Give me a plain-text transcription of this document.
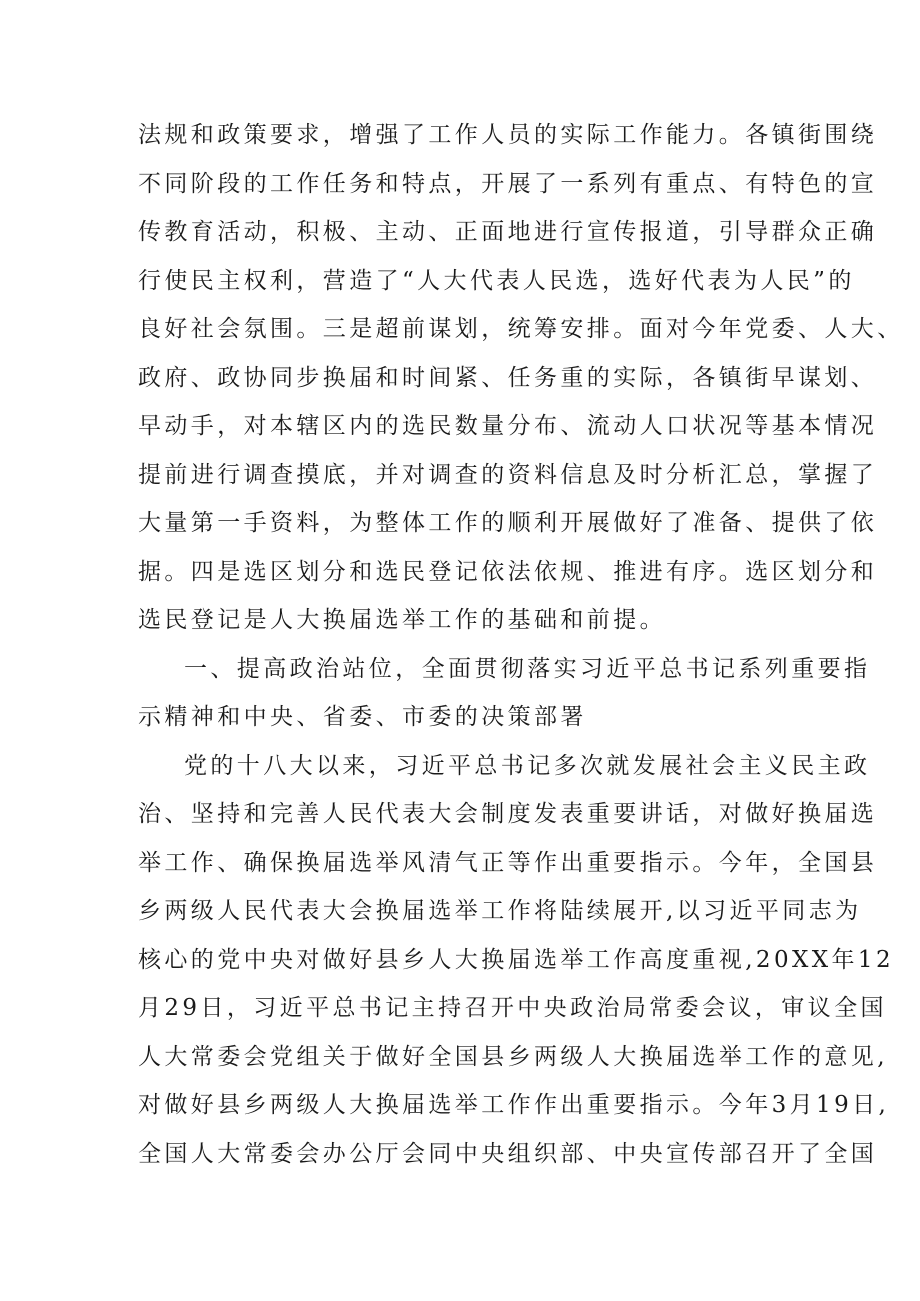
法规和政策要求，增强了工作人员的实际工作能力。各镇街围绕
不同阶段的工作任务和特点，开展了一系列有重点、有特色的宣
传教育活动，积极、主动、正面地进行宣传报道，引导群众正确
行使民主权利，营造了“人大代表人民选，选好代表为人民”的
良好社会氛围。三是超前谋划，统筹安排。面对今年党委、人大、
政府、政协同步换届和时间紧、任务重的实际，各镇街早谋划、
早动手，对本辖区内的选民数量分布、流动人口状况等基本情况
提前进行调查摸底，并对调查的资料信息及时分析汇总，掌握了
大量第一手资料，为整体工作的顺利开展做好了准备、提供了依
据。四是选区划分和选民登记依法依规、推进有序。选区划分和
选民登记是人大换届选举工作的基础和前提。
一、提高政治站位，全面贯彻落实习近平总书记系列重要指
示精神和中央、省委、市委的决策部署
党的十八大以来，习近平总书记多次就发展社会主义民主政
治、坚持和完善人民代表大会制度发表重要讲话，对做好换届选
举工作、确保换届选举风清气正等作出重要指示。今年，全国县
乡两级人民代表大会换届选举工作将陆续展开,以习近平同志为
核心的党中央对做好县乡人大换届选举工作高度重视,20XX年12
月29日，习近平总书记主持召开中央政治局常委会议，审议全国
人大常委会党组关于做好全国县乡两级人大换届选举工作的意见,
对做好县乡两级人大换届选举工作作出重要指示。今年3月19日,
全国人大常委会办公厅会同中央组织部、中央宣传部召开了全国
